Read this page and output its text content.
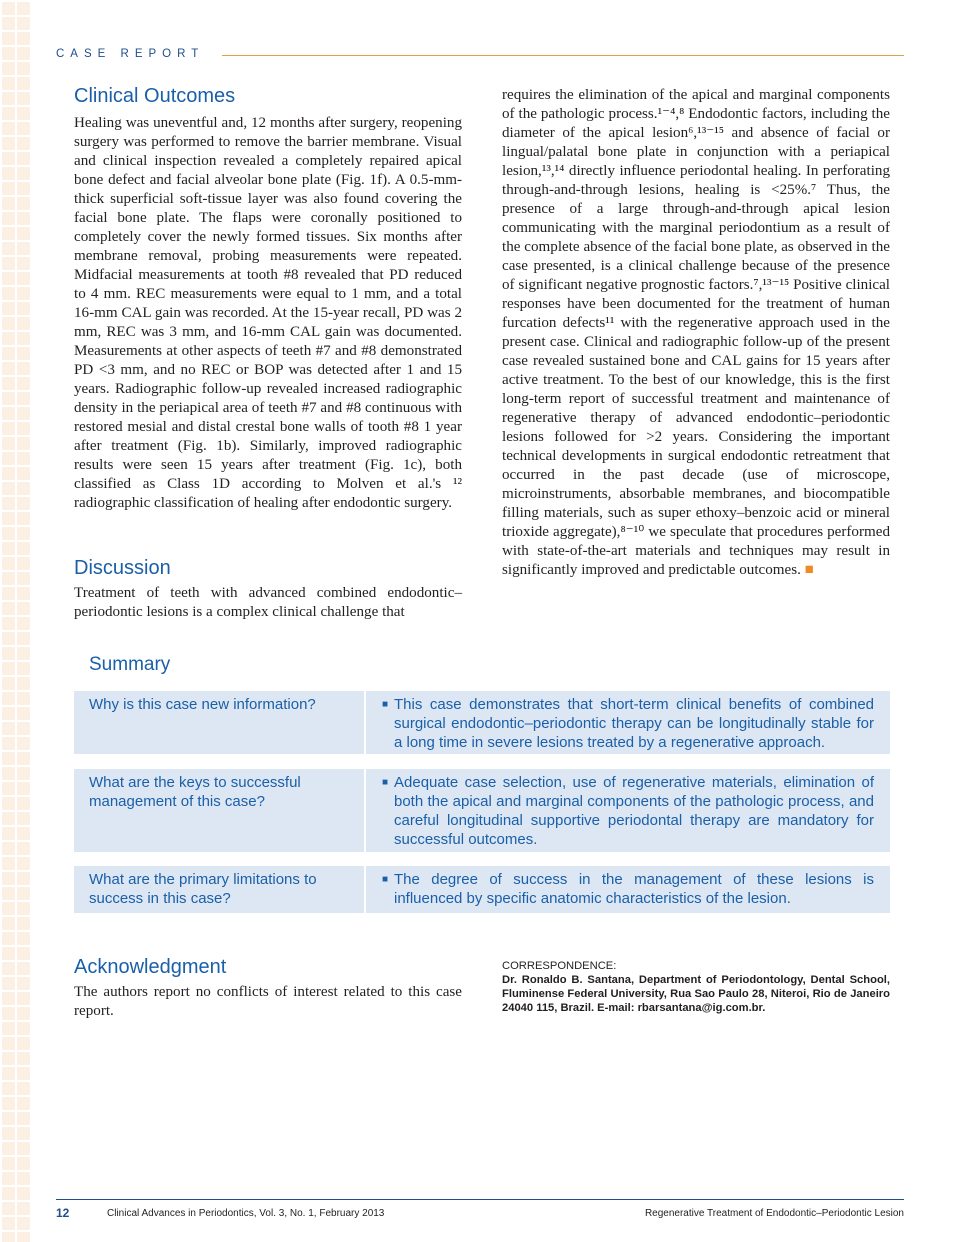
CASE REPORT
Clinical Outcomes

Healing was uneventful and, 12 months after surgery, reopening surgery was performed to remove the barrier membrane. Visual and clinical inspection revealed a completely repaired apical bone defect and facial alveolar bone plate (Fig. 1f). A 0.5-mm-thick superficial soft-tissue layer was also found covering the facial bone plate. The flaps were coronally positioned to completely cover the newly formed tissues. Six months after membrane removal, probing measurements were repeated. Midfacial measurements at tooth #8 revealed that PD reduced to 4 mm. REC measurements were equal to 1 mm, and a total 16-mm CAL gain was recorded. At the 15-year recall, PD was 2 mm, REC was 3 mm, and 16-mm CAL gain was documented. Measurements at other aspects of teeth #7 and #8 demonstrated PD <3 mm, and no REC or BOP was detected after 1 and 15 years. Radiographic follow-up revealed increased radiographic density in the periapical area of teeth #7 and #8 continuous with restored mesial and distal crestal bone walls of tooth #8 1 year after treatment (Fig. 1b). Similarly, improved radiographic results were seen 15 years after treatment (Fig. 1c), both classified as Class 1D according to Molven et al.'s ¹² radiographic classification of healing after endodontic surgery.

Discussion

Treatment of teeth with advanced combined endodontic–periodontic lesions is a complex clinical challenge that

requires the elimination of the apical and marginal components of the pathologic process.¹⁻⁴,⁸ Endodontic factors, including the diameter of the apical lesion⁶,¹³⁻¹⁵ and absence of facial or lingual/palatal bone plate in conjunction with a periapical lesion,¹³,¹⁴ directly influence periodontal healing. In perforating through-and-through lesions, healing is <25%.⁷ Thus, the presence of a large through-and-through apical lesion communicating with the marginal periodontium as a result of the complete absence of the facial bone plate, as observed in the case presented, is a clinical challenge because of the presence of significant negative prognostic factors.⁷,¹³⁻¹⁵ Positive clinical responses have been documented for the treatment of human furcation defects¹¹ with the regenerative approach used in the present case. Clinical and radiographic follow-up of the present case revealed sustained bone and CAL gains for 15 years after active treatment. To the best of our knowledge, this is the first long-term report of successful treatment and maintenance of regenerative therapy of advanced endodontic–periodontic lesions followed for >2 years. Considering the important technical developments in surgical endodontic retreatment that occurred in the past decade (use of microscope, microinstruments, absorbable membranes, and biocompatible filling materials, such as super ethoxy–benzoic acid or mineral trioxide aggregate),⁸⁻¹⁰ we speculate that procedures performed with state-of-the-art materials and techniques may result in significantly improved and predictable outcomes. ■

Summary
Why is this case new information?	■ This case demonstrates that short-term clinical benefits of combined surgical endodontic–periodontic therapy can be longitudinally stable for a long time in severe lesions treated by a regenerative approach.
What are the keys to successful management of this case?
■ Adequate case selection, use of regenerative materials, elimination of both the apical and marginal components of the pathologic process, and careful longitudinal supportive periodontal therapy are mandatory for successful outcomes.
What are the primary limitations to success in this case?
■ The degree of success in the management of these lesions is influenced by specific anatomic characteristics of the lesion.
Acknowledgment

The authors report no conflicts of interest related to this case report.

CORRESPONDENCE:
Dr. Ronaldo B. Santana, Department of Periodontology, Dental School, Fluminense Federal University, Rua Sao Paulo 28, Niteroi, Rio de Janeiro 24040 115, Brazil. E-mail: rbarsantana@ig.com.br.
12	Clinical Advances in Periodontics, Vol. 3, No. 1, February 2013	Regenerative Treatment of Endodontic–Periodontic Lesion
